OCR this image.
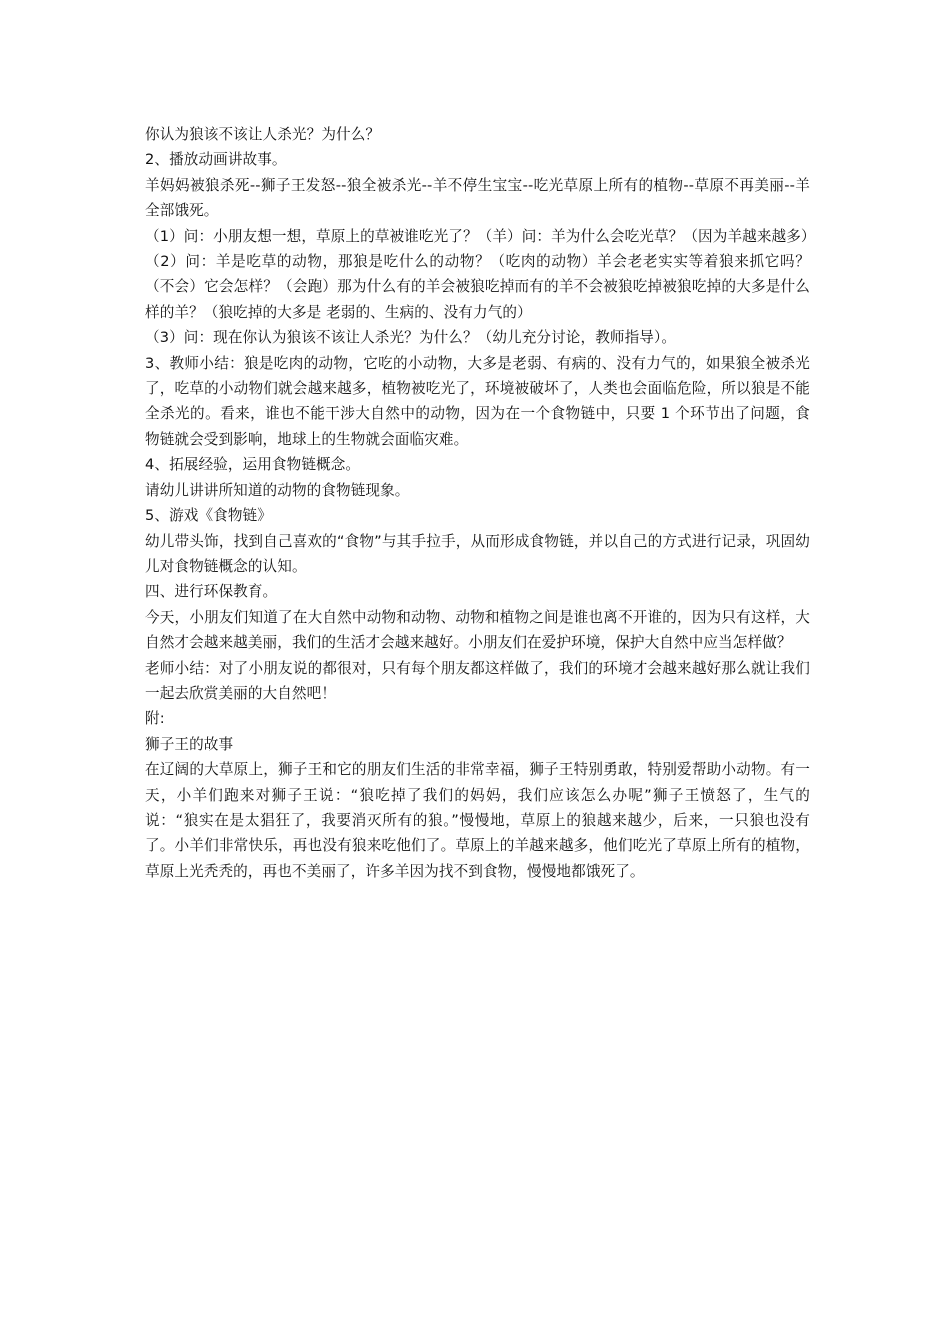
你认为狼该不该让人杀光？为什么？

2、播放动画讲故事。

羊妈妈被狼杀死--狮子王发怒--狼全被杀光--羊不停生宝宝--吃光草原上所有的植物--草原不再美丽--羊全部饿死。

（1）问：小朋友想一想，草原上的草被谁吃光了？（羊）问：羊为什么会吃光草？（因为羊越来越多）

（2）问：羊是吃草的动物，那狼是吃什么的动物？（吃肉的动物）羊会老老实实等着狼来抓它吗？（不会）它会怎样？（会跑）那为什么有的羊会被狼吃掉而有的羊不会被狼吃掉被狼吃掉的大多是什么样的羊？（狼吃掉的大多是 老弱的、生病的、没有力气的）

（3）问：现在你认为狼该不该让人杀光？为什么？（幼儿充分讨论，教师指导）。

3、教师小结：狼是吃肉的动物，它吃的小动物，大多是老弱、有病的、没有力气的，如果狼全被杀光了，吃草的小动物们就会越来越多，植物被吃光了，环境被破坏了，人类也会面临危险，所以狼是不能全杀光的。看来，谁也不能干涉大自然中的动物，因为在一个食物链中，只要 1 个环节出了问题，食物链就会受到影响，地球上的生物就会面临灾难。

4、拓展经验，运用食物链概念。

请幼儿讲讲所知道的动物的食物链现象。

5、游戏《食物链》

幼儿带头饰，找到自己喜欢的“食物”与其手拉手，从而形成食物链，并以自己的方式进行记录，巩固幼儿对食物链概念的认知。

四、进行环保教育。

今天，小朋友们知道了在大自然中动物和动物、动物和植物之间是谁也离不开谁的，因为只有这样，大自然才会越来越美丽，我们的生活才会越来越好。小朋友们在爱护环境，保护大自然中应当怎样做？

老师小结：对了小朋友说的都很对，只有每个朋友都这样做了，我们的环境才会越来越好那么就让我们一起去欣赏美丽的大自然吧！

附:

狮子王的故事

在辽阔的大草原上，狮子王和它的朋友们生活的非常幸福，狮子王特别勇敢，特别爱帮助小动物。有一天，小羊们跑来对狮子王说：“狼吃掉了我们的妈妈，我们应该怎么办呢”狮子王愤怒了，生气的说：“狼实在是太猖狂了，我要消灭所有的狼。”慢慢地，草原上的狼越来越少，后来，一只狼也没有了。小羊们非常快乐，再也没有狼来吃他们了。草原上的羊越来越多，他们吃光了草原上所有的植物，草原上光秃秃的，再也不美丽了，许多羊因为找不到食物，慢慢地都饿死了。
